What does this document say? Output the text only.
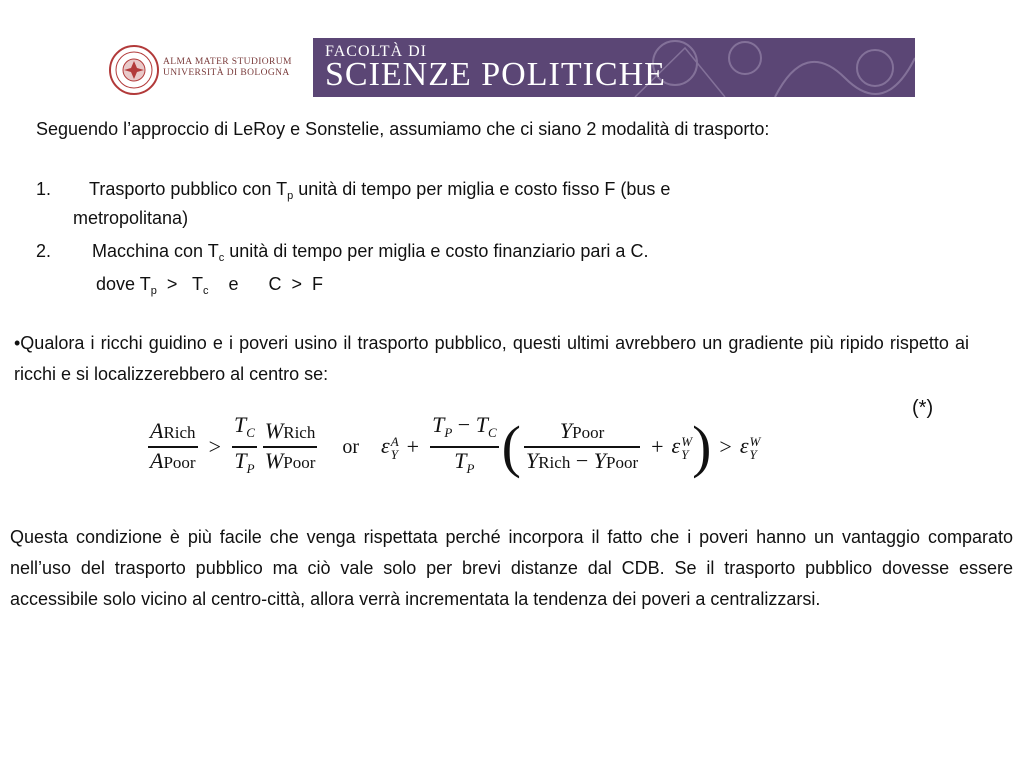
ALMA MATER STUDIORUM
UNIVERSITÀ DI BOLOGNA
FACOLTÀ DI
SCIENZE POLITICHE
Seguendo l’approccio di LeRoy e Sonstelie, assumiamo che ci siano 2 modalità di trasporto:
1. Trasporto pubblico con $T_p$ unità di tempo per miglia e costo fisso F (bus e
metropolitana)
2. Macchina con $T_c$ unità di tempo per miglia e costo finanziario pari a C.
dove $T_p > T_c$    e      C  >  F
•Qualora i ricchi guidino e i poveri usino il trasporto pubblico, questi ultimi avrebbero un gradiente più ripido rispetto ai ricchi e si localizzerebbero al centro se:
(*)
$\frac{\text{ARich}}{\text{APoor}} > \frac{T_C}{T_P} \frac{\text{WRich}}{\text{WPoor}}$ or ε A
$Y + \frac{T_P - T_C}{T_P}$ ( $\frac{\text{YPoor}}{\text{YRich − YPoor}} + \varepsilon$ W
Y ) > ε W
Y
Questa condizione è più facile che venga rispettata perché incorpora il fatto che i poveri hanno un vantaggio comparato nell’uso del trasporto pubblico ma ciò vale solo per brevi distanze dal CDB. Se il trasporto pubblico dovesse essere accessibile solo vicino al centro-città, allora verrà incrementata la tendenza dei poveri a centralizzarsi.
